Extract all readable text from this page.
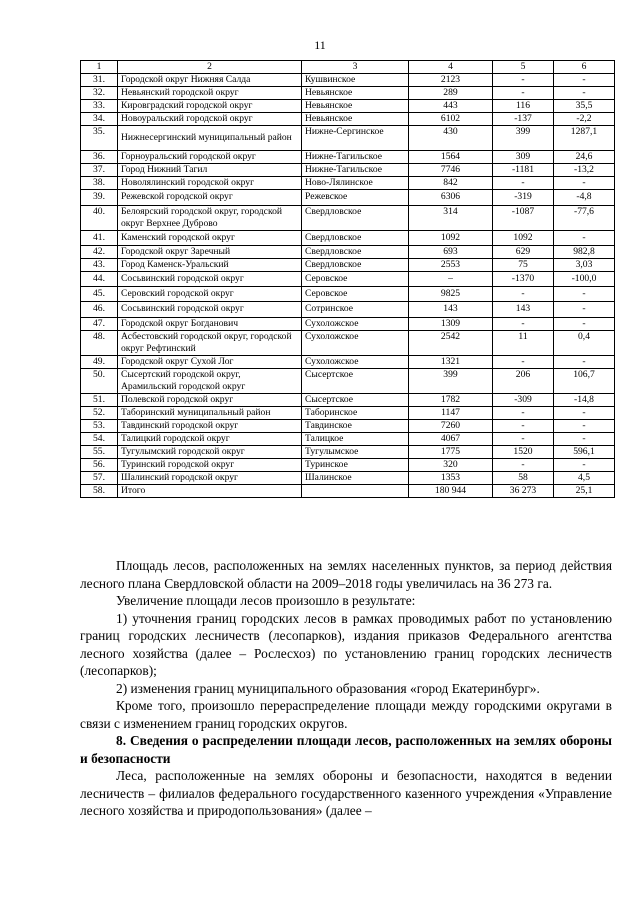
11
1	2	3	4	5	6
31.	Городской округ Нижняя Салда	Кушвинское	2123	-	-
32.	Невьянский городской округ	Невьянское	289	-	-
33.	Кировградский городской округ	Невьянское	443	116	35,5
34.	Новоуральский городской округ	Невьянское	6102	-137	-2,2
35.	Нижнесергинский муниципальный район	Нижне-Сергинское	430	399	1287,1
36.	Горноуральский городской округ	Нижне-Тагильское	1564	309	24,6
37.	Город Нижний Тагил	Нижне-Тагильское	7746	-1181	-13,2
38.	Новолялинский городской округ	Ново-Лялинское	842	-	-
39.	Режевской городской округ	Режевское	6306	-319	-4,8
40.	Белоярский городской округ, городской округ Верхнее Дуброво	Свердловское	314	-1087	-77,6
41.	Каменский городской округ	Свердловское	1092	1092	-
42.	Городской округ Заречный	Свердловское	693	629	982,8
43.	Город Каменск-Уральский	Свердловское	2553	75	3,03
44.	Сосьвинский городской округ	Серовское	–	-1370	-100,0
45.	Серовский городской округ	Серовское	9825	-	-
46.	Сосьвинский городской округ	Сотринское	143	143	-
47.	Городской округ Богданович	Сухоложское	1309	-	-
48.	Асбестовский городской округ, городской округ Рефтинский	Сухоложское	2542	11	0,4
49.	Городской округ Сухой Лог	Сухоложское	1321	-	-
50.	Сысертский городской округ, Арамильский городской округ	Сысертское	399	206	106,7
51.	Полевской городской округ	Сысертское	1782	-309	-14,8
52.	Таборинский муниципальный район	Таборинское	1147	-	-
53.	Тавдинский городской округ	Тавдинское	7260	-	-
54.	Талицкий городской округ	Талицкое	4067	-	-
55.	Тугулымский городской округ	Тугулымское	1775	1520	596,1
56.	Туринский городской округ	Туринское	320	-	-
57.	Шалинский городской округ	Шалинское	1353	58	4,5
58.	Итого		180 944	36 273	25,1

Площадь лесов, расположенных на землях населенных пунктов, за период действия лесного плана Свердловской области на 2009–2018 годы увеличилась на 36 273 га.

Увеличение площади лесов произошло в результате:

1) уточнения границ городских лесов в рамках проводимых работ по установлению границ городских лесничеств (лесопарков), издания приказов Федерального агентства лесного хозяйства (далее – Рослесхоз) по установлению границ городских лесничеств (лесопарков);

2) изменения границ муниципального образования «город Екатеринбург».

Кроме того, произошло перераспределение площади между городскими округами в связи с изменением границ городских округов.

8. Сведения о распределении площади лесов, расположенных на землях обороны и безопасности

Леса, расположенные на землях обороны и безопасности, находятся в ведении лесничеств – филиалов федерального государственного казенного учреждения «Управление лесного хозяйства и природопользования» (далее –
